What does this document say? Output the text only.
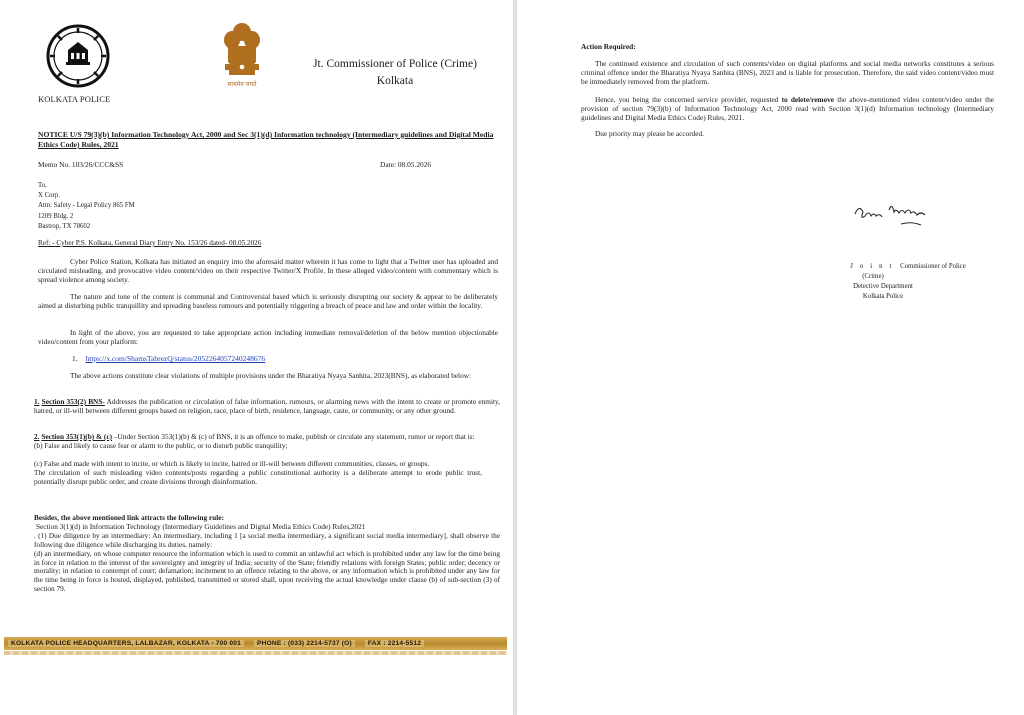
सत्यमेव जयते
Jt. Commissioner of Police (Crime)
Kolkata
KOLKATA POLICE
NOTICE U/S 79(3)(b) Information Technology Act, 2000 and Sec 3(1)(d) Information technology (Intermediary guidelines and Digital Media Ethics Code) Rules, 2021
Memo No. 103/26/CCC&SS	Date: 08.05.2026
To,
X Corp.
Attn: Safety - Legal Policy 865 FM
1209 Bldg. 2
Bastrop, TX 78602
Ref: - Cyber P.S. Kolkata, General Diary Entry No. 153/26 dated- 08.05.2026
Cyber Police Station, Kolkata has initiated an enquiry into the aforesaid matter wherein it has come to light that a Twitter user has uploaded and circulated misleading, and provocative video content/video on their respective Twitter/X Profile. In these alleged video/content with commentary which is spread violence among society.
The nature and tone of the content is communal and Controversial based which is seriously disrupting our society & appear to be deliberately aimed at disturbing public tranquillity and spreading baseless rumours and potentially triggering a breach of peace and law and order within the locality.
In light of the above, you are requested to take appropriate action including immediate removal/deletion of the below mention objectionable video/content from your platform:
1. https://x.com/ShamsTabrezQ/status/2052264057240248676
The above actions constitute clear violations of multiple provisions under the Bharatiya Nyaya Sanhita, 2023(BNS), as elaborated below:
1. Section 353(2) BNS- Addresses the publication or circulation of false information, rumours, or alarming news with the intent to create or promote enmity, hatred, or ill-will between different groups based on religion, race, place of birth, residence, language, caste, or community, or any other ground.
2. Section 353(1)(b) & (c) –Under Section 353(1)(b) & (c) of BNS, it is an offence to make, publish or circulate any statement, rumor or report that is:
(b) False and likely to cause fear or alarm to the public, or to disturb public tranquility;
(c) False and made with intent to incite, or which is likely to incite, hatred or ill-will between different communities, classes, or groups.
The circulation of such misleading video contents/posts regarding a public constitutional authority is a deliberate attempt to erode public trust, potentially disrupt public order, and create divisions through disinformation.
Besides, the above mentioned link attracts the following rule:
Section 3(1)(d) in Information Technology (Intermediary Guidelines and Digital Media Ethics Code) Rules,2021
. (1) Due diligence by an intermediary: An intermediary, including 1 [a social media intermediary, a significant social media intermediary], shall observe the following due diligence while discharging its duties, namely:
(d) an intermediary, on whose computer resource the information which is used to commit an unlawful act which is prohibited under any law for the time being in force in relation to the interest of the sovereignty and integrity of India; security of the State; friendly relations with foreign States; public order; decency or morality; in relation to contempt of court; defamation; incitement to an offence relating to the above, or any information which is prohibited under any law for the time being in force is hosted, displayed, published, transmitted or stored shall, upon receiving the actual knowledge under clause (b) of sub-section (3) of section 79.
KOLKATA POLICE HEADQUARTERS, LALBAZAR, KOLKATA - 700 001	PHONE : (033) 2214-5737 (O)	FAX : 2214-5512
Action Required:
The continued existence and circulation of such contents/video on digital platforms and social media networks constitutes a serious criminal offence under the Bharatiya Nyaya Sanhita (BNS), 2023 and is liable for prosecution. Therefore, the said video content/video must be immediately removed from the platform.
Hence, you being the concerned service provider, requested to delete/remove the above-mentioned video content/video under the provision of section 79(3)(b) of Information Technology Act, 2000 read with Section 3(1)(d) Information technology (Intermediary guidelines and Digital Media Ethics Code) Rules, 2021.
Due priority may please be accorded.
Joint Commissioner of Police
(Crime)
Detective Department
Kolkata Police
